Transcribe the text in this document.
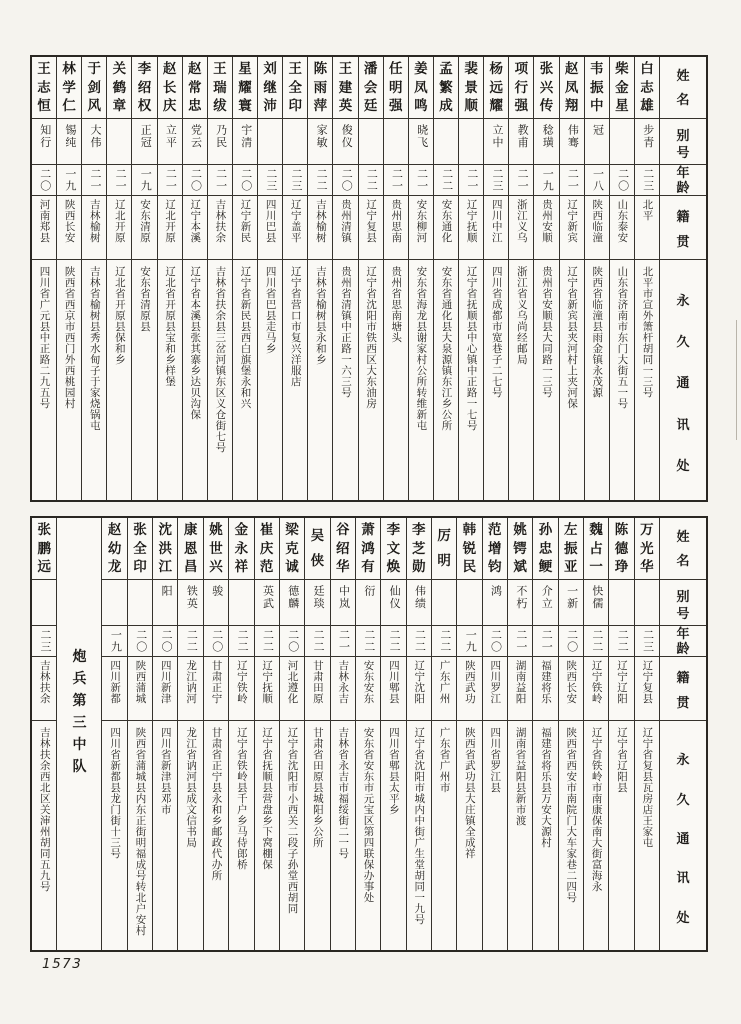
姓
名
别
号
年
龄
籍
贯
永
久
通
讯
处
白
志
雄
步青
二三
北平
北平市宣外箫杆胡同一三号
柴
金
星
二〇
山东泰安
山东省济南市东门大街五一号
韦
振
中
冠
一八
陕西临潼
陕西省临潼县雨金镇永茂源
赵
凤
翔
伟骞
二一
辽宁新宾
辽宁省新宾县夹河村上夹河保
张
兴
传
稔璜
一九
贵州安顺
贵州省安顺县大同路一三号
项
行
强
教甫
二一
浙江义乌
浙江省义乌尚经邮局
杨
远
耀
立中
二三
四川中江
四川省成都市宽巷子二七号
裴
景
顺
二一
辽宁抚顺
辽宁省抚顺县中心镇中正路一七号
孟
繁
成
二二
安东通化
安东省通化县大泉源镇东江乡公所
姜
凤
鸣
晓飞
二一
安东柳河
安东省海龙县谢家村公所转维新屯
任
明
强
二一
贵州思南
贵州省思南塘头
潘
会
廷
二二
辽宁复县
辽宁省沈阳市铁西区大东油房
王
建
英
俊仪
二〇
贵州清镇
贵州省清镇中正路一六三号
陈
雨
萍
家敏
二二
吉林榆树
吉林省榆树县永和乡
王
全
印
二三
辽宁盖平
辽宁省营口市复兴洋服店
刘
继
沛
二三
四川巴县
四川省巴县走马乡
星
耀
寰
宇清
二〇
辽宁新民
辽宁省新民县西白旗堡永和兴
王
瑞
绂
乃民
二一
吉林扶余
吉林省扶余县三岔河镇东区义仓街七号
赵
常
忠
党云
二〇
辽宁本溪
辽宁省本溪县张其寨乡达贝沟保
赵
长
庆
立平
二一
辽北开原
辽北省开原县宝和乡样堡
李
绍
权
正冠
一九
安东清原
安东省清原县
关
鹤
章
二一
辽北开原
辽北省开原县保和乡
于
剑
风
大伟
二一
吉林榆树
吉林省榆树县秀水甸子于家烧锅屯
林
学
仁
锡纯
一九
陕西长安
陕西省西京市西门外西桃园村
王
志
恒
知行
二〇
河南郑县
四川省广元县中正路二九五号
姓
名
别
号
年
龄
籍
贯
永
久
通
讯
处
万
光
华
二三
辽宁复县
辽宁省复县瓦房店王家屯
陈
德
琤
二二
辽宁辽阳
辽宁省辽阳县
魏
占
一
快儒
二二
辽宁铁岭
辽宁省铁岭市南康保南大街富海永
左
振
亚
一新
二〇
陕西长安
陕西省西安市南院门大车家巷二四号
孙
忠
鲠
介立
二一
福建将乐
福建省将乐县万安大源村
姚
锷
斌
不朽
二一
湖南益阳
湖南省益阳县新市渡
范
增
钧
鸿
二〇
四川罗江
四川省罗江县
韩
锐
民
一九
陕西武功
陕西省武功县大庄镇全成祥
厉
明
二二
广东广州
广东省广州市
李
芝
勋
伟绩
二二
辽宁沈阳
辽宁省沈阳市城内中街广生堂胡同一九号
李
文
焕
仙仪
二二
四川郫县
四川省郫县太平乡
萧
鸿
有
衍
二二
安东安东
安东省安东市元宝区第四联保办事处
谷
绍
华
中岚
二一
吉林永吉
吉林省永吉市福绥街二一号
吴
侠
廷琰
二二
甘肃田原
甘肃省田原县城阳乡公所
梁
克
诚
德麟
二〇
河北遵化
辽宁省沈阳市小西关二段子孙堂西胡同
崔
庆
范
英武
二二
辽宁抚顺
辽宁省抚顺县营盘乡下窝棚保
金
永
祥
二二
辽宁铁岭
辽宁省铁岭县千户乡马侍郎桥
姚
世
兴
骏
二〇
甘肃正宁
甘肃省正宁县永和乡邮政代办所
康
恩
昌
铁英
二二
龙江讷河
龙江省讷河县成文信书局
沈
洪
江
阳
二〇
四川新津
四川省新津县邓市
张
全
印
二〇
陕西蒲城
陕西省蒲城县内东正街明福成号转北户安村
赵
幼
龙
一九
四川新都
四川省新都县龙门街十三号
炮
兵
第
三
中
队
张
鹏
远
二三
吉林扶余
吉林扶余西北区关渖州胡同五九号
1573
